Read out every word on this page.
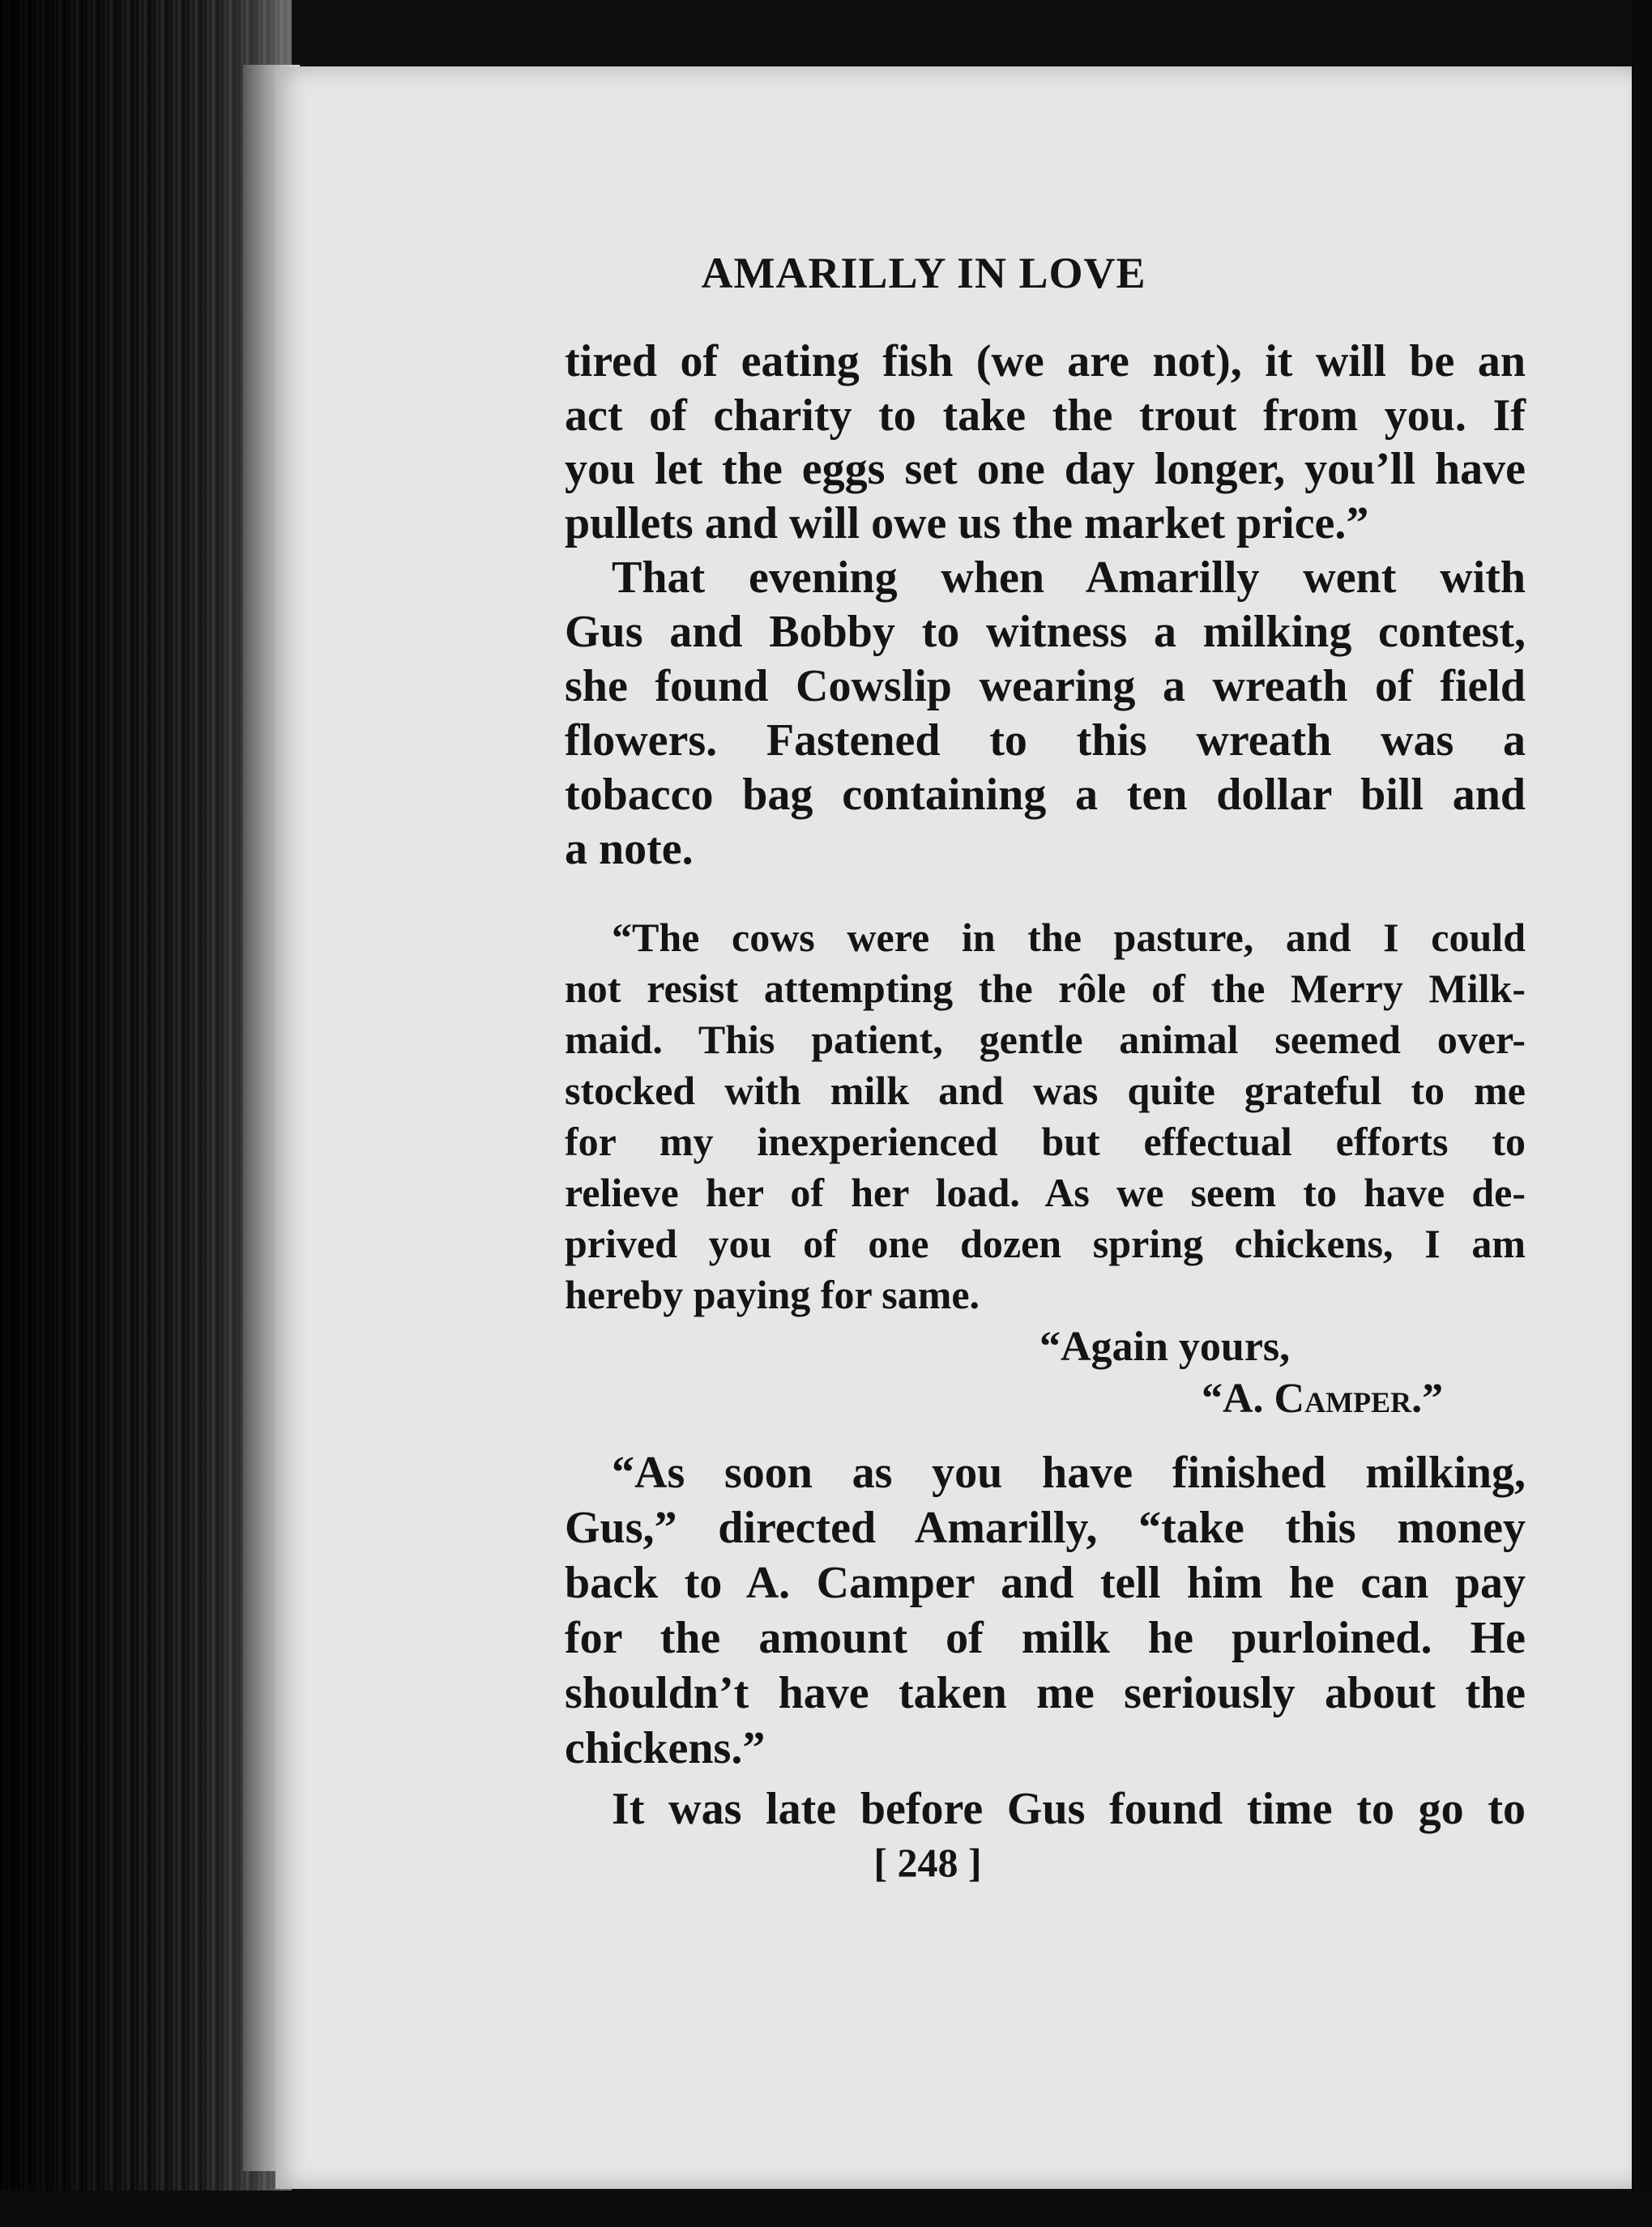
AMARILLY IN LOVE
tired of eating fish (we are not), it will be an
act of charity to take the trout from you. If
you let the eggs set one day longer, you’ll have
pullets and will owe us the market price.”
That evening when Amarilly went with
Gus and Bobby to witness a milking contest,
she found Cowslip wearing a wreath of field
flowers. Fastened to this wreath was a
tobacco bag containing a ten dollar bill and
a note.
“The cows were in the pasture, and I could
not resist attempting the rôle of the Merry Milk-
maid. This patient, gentle animal seemed over-
stocked with milk and was quite grateful to me
for my inexperienced but effectual efforts to
relieve her of her load. As we seem to have de-
prived you of one dozen spring chickens, I am
hereby paying for same.
“Again yours,
“A. Camper.”
“As soon as you have finished milking,
Gus,” directed Amarilly, “take this money
back to A. Camper and tell him he can pay
for the amount of milk he purloined. He
shouldn’t have taken me seriously about the
chickens.”
It was late before Gus found time to go to
[ 248 ]
